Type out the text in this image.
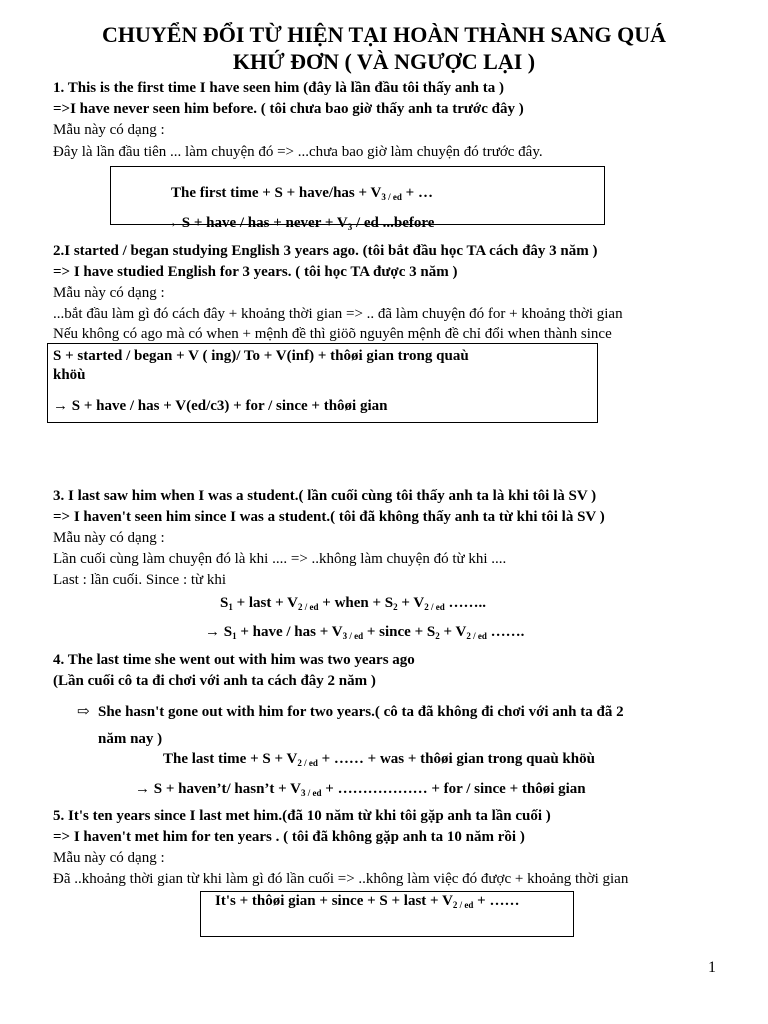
CHUYỂN ĐỔI TỪ HIỆN TẠI HOÀN THÀNH SANG QUÁ
KHỨ ĐƠN ( VÀ NGƯỢC LẠI )
1. This is the first time I have seen him (đây là lần đầu tôi thấy anh ta )
=>I have never seen him before. ( tôi chưa bao giờ thấy anh ta trước đây )
Mẫu này có dạng :
Đây là lần đầu tiên ... làm chuyện đó => ...chưa bao giờ làm chuyện đó trước đây.
The first time + S + have/has + $V_{3 / ed}$ + …
→ S + have / has + never + $V_3$ / ed ...before
2.I started / began studying English 3 years ago. (tôi bắt đầu học TA cách đây 3 năm )
=> I have studied English for 3 years. ( tôi học TA được 3 năm )
Mẫu này có dạng :
...bắt đầu làm gì đó cách đây + khoảng thời gian => .. đã làm chuyện đó for + khoảng thời gian
Nếu không có ago mà có when + mệnh đề thì giöõ nguyên mệnh đề chỉ đổi when thành since
S + started / began + V ( ing)/ To + V(inf) + thôøi gian trong quaù
khöù
→ S + have / has + V(ed/c3) + for / since + thôøi gian
3. I last saw him when I was a student.( lần cuối cùng tôi thấy anh ta là khi tôi là SV )
=> I haven't seen him since I was a student.( tôi đã không thấy anh ta từ khi tôi là SV )
Mẫu này có dạng :
Lần cuối cùng làm chuyện đó là khi .... => ..không làm chuyện đó từ khi ....
Last : lần cuối. Since : từ khi
$S_1$ + last + $V_{2 / ed}$ + when + $S_2 + V_{2 / ed}$ ……..
→ $S_1$ + have / has + $V_{3 / ed}$ + since + $S_2 + V_{2 / ed}$ …….
4. The last time she went out with him was two years ago
(Lần cuối cô ta đi chơi với anh ta cách đây 2 năm )
⇨ She hasn't gone out with him for two years.( cô ta đã không đi chơi với anh ta đã 2
năm nay )
The last time + $S + V_{2 / ed}$ + …… + was + thôøi gian trong quaù khöù
→ S + haven’t/ hasn’t + $V_{3 / ed}$ + ……………… + for / since + thôøi gian
5. It's ten years since I last met him.(đã 10 năm từ khi tôi gặp anh ta lần cuối )
=> I haven't met him for ten years . ( tôi đã không gặp anh ta 10 năm rồi )
Mẫu này có dạng :
Đã ..khoảng thời gian từ khi làm gì đó lần cuối => ..không làm việc đó được + khoảng thời gian
It's + thôøi gian + since + S + last + $V_{2 / ed}$ + ……
1
